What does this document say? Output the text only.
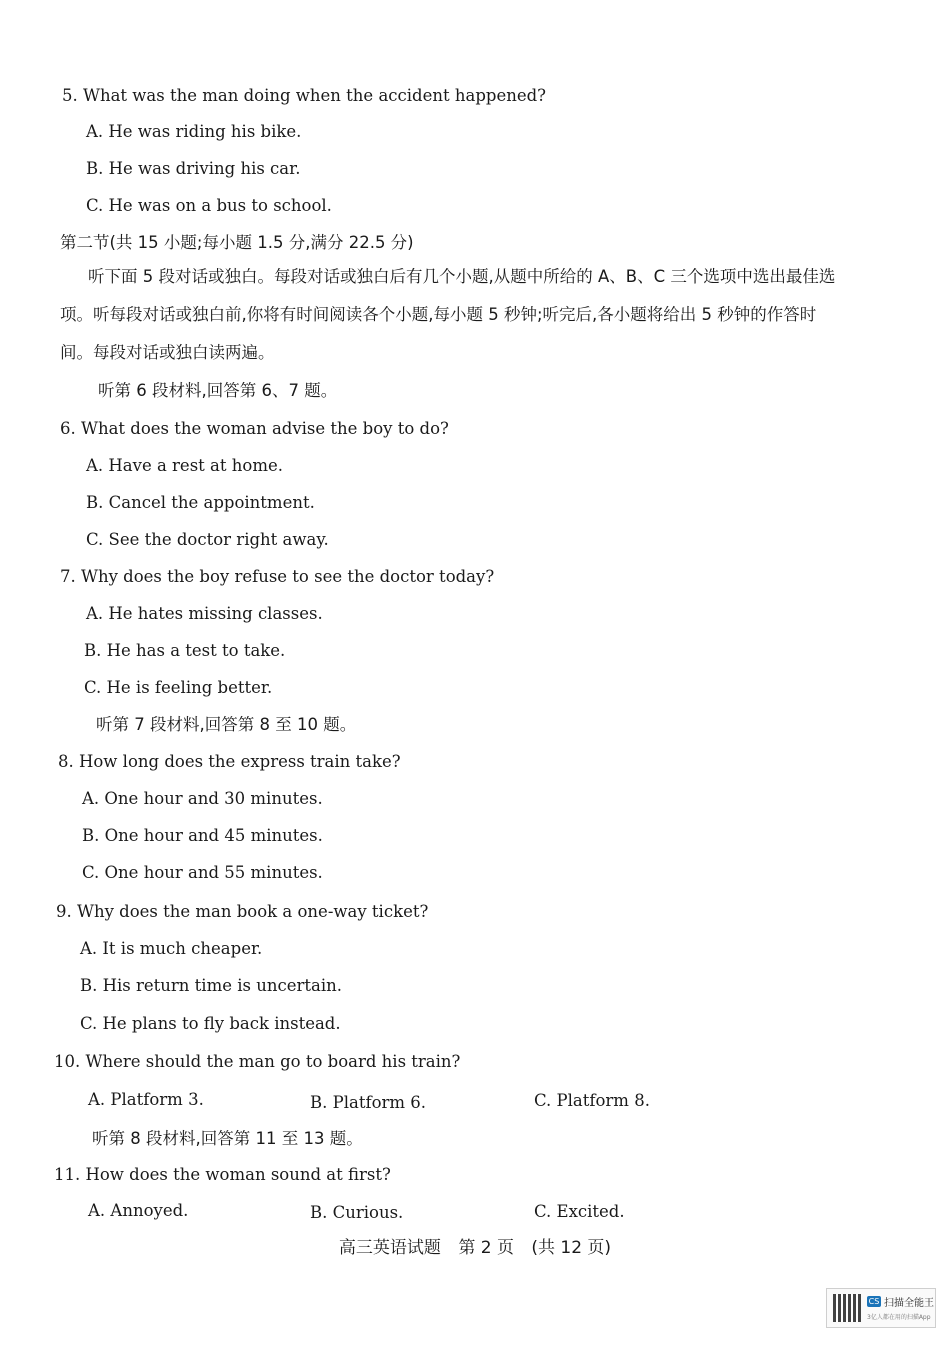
5. What was the man doing when the accident happened?
A. He was riding his bike.
B. He was driving his car.
C. He was on a bus to school.
第二节(共 15 小题;每小题 1.5 分,满分 22.5 分)
听下面 5 段对话或独白。每段对话或独白后有几个小题,从题中所给的 A、B、C 三个选项中选出最佳选项。听每段对话或独白前,你将有时间阅读各个小题,每小题 5 秒钟;听完后,各小题将给出 5 秒钟的作答时间。每段对话或独白读两遍。
听第 6 段材料,回答第 6、7 题。
6. What does the woman advise the boy to do?
A. Have a rest at home.
B. Cancel the appointment.
C. See the doctor right away.
7. Why does the boy refuse to see the doctor today?
A. He hates missing classes.
B. He has a test to take.
C. He is feeling better.
听第 7 段材料,回答第 8 至 10 题。
8. How long does the express train take?
A. One hour and 30 minutes.
B. One hour and 45 minutes.
C. One hour and 55 minutes.
9. Why does the man book a one-way ticket?
A. It is much cheaper.
B. His return time is uncertain.
C. He plans to fly back instead.
10. Where should the man go to board his train?
A. Platform 3.	B. Platform 6.	C. Platform 8.
听第 8 段材料,回答第 11 至 13 题。
11. How does the woman sound at first?
A. Annoyed.	B. Curious.	C. Excited.
高三英语试题 第 2 页 (共 12 页)
CS 扫描全能王
3亿人都在用的扫描App
